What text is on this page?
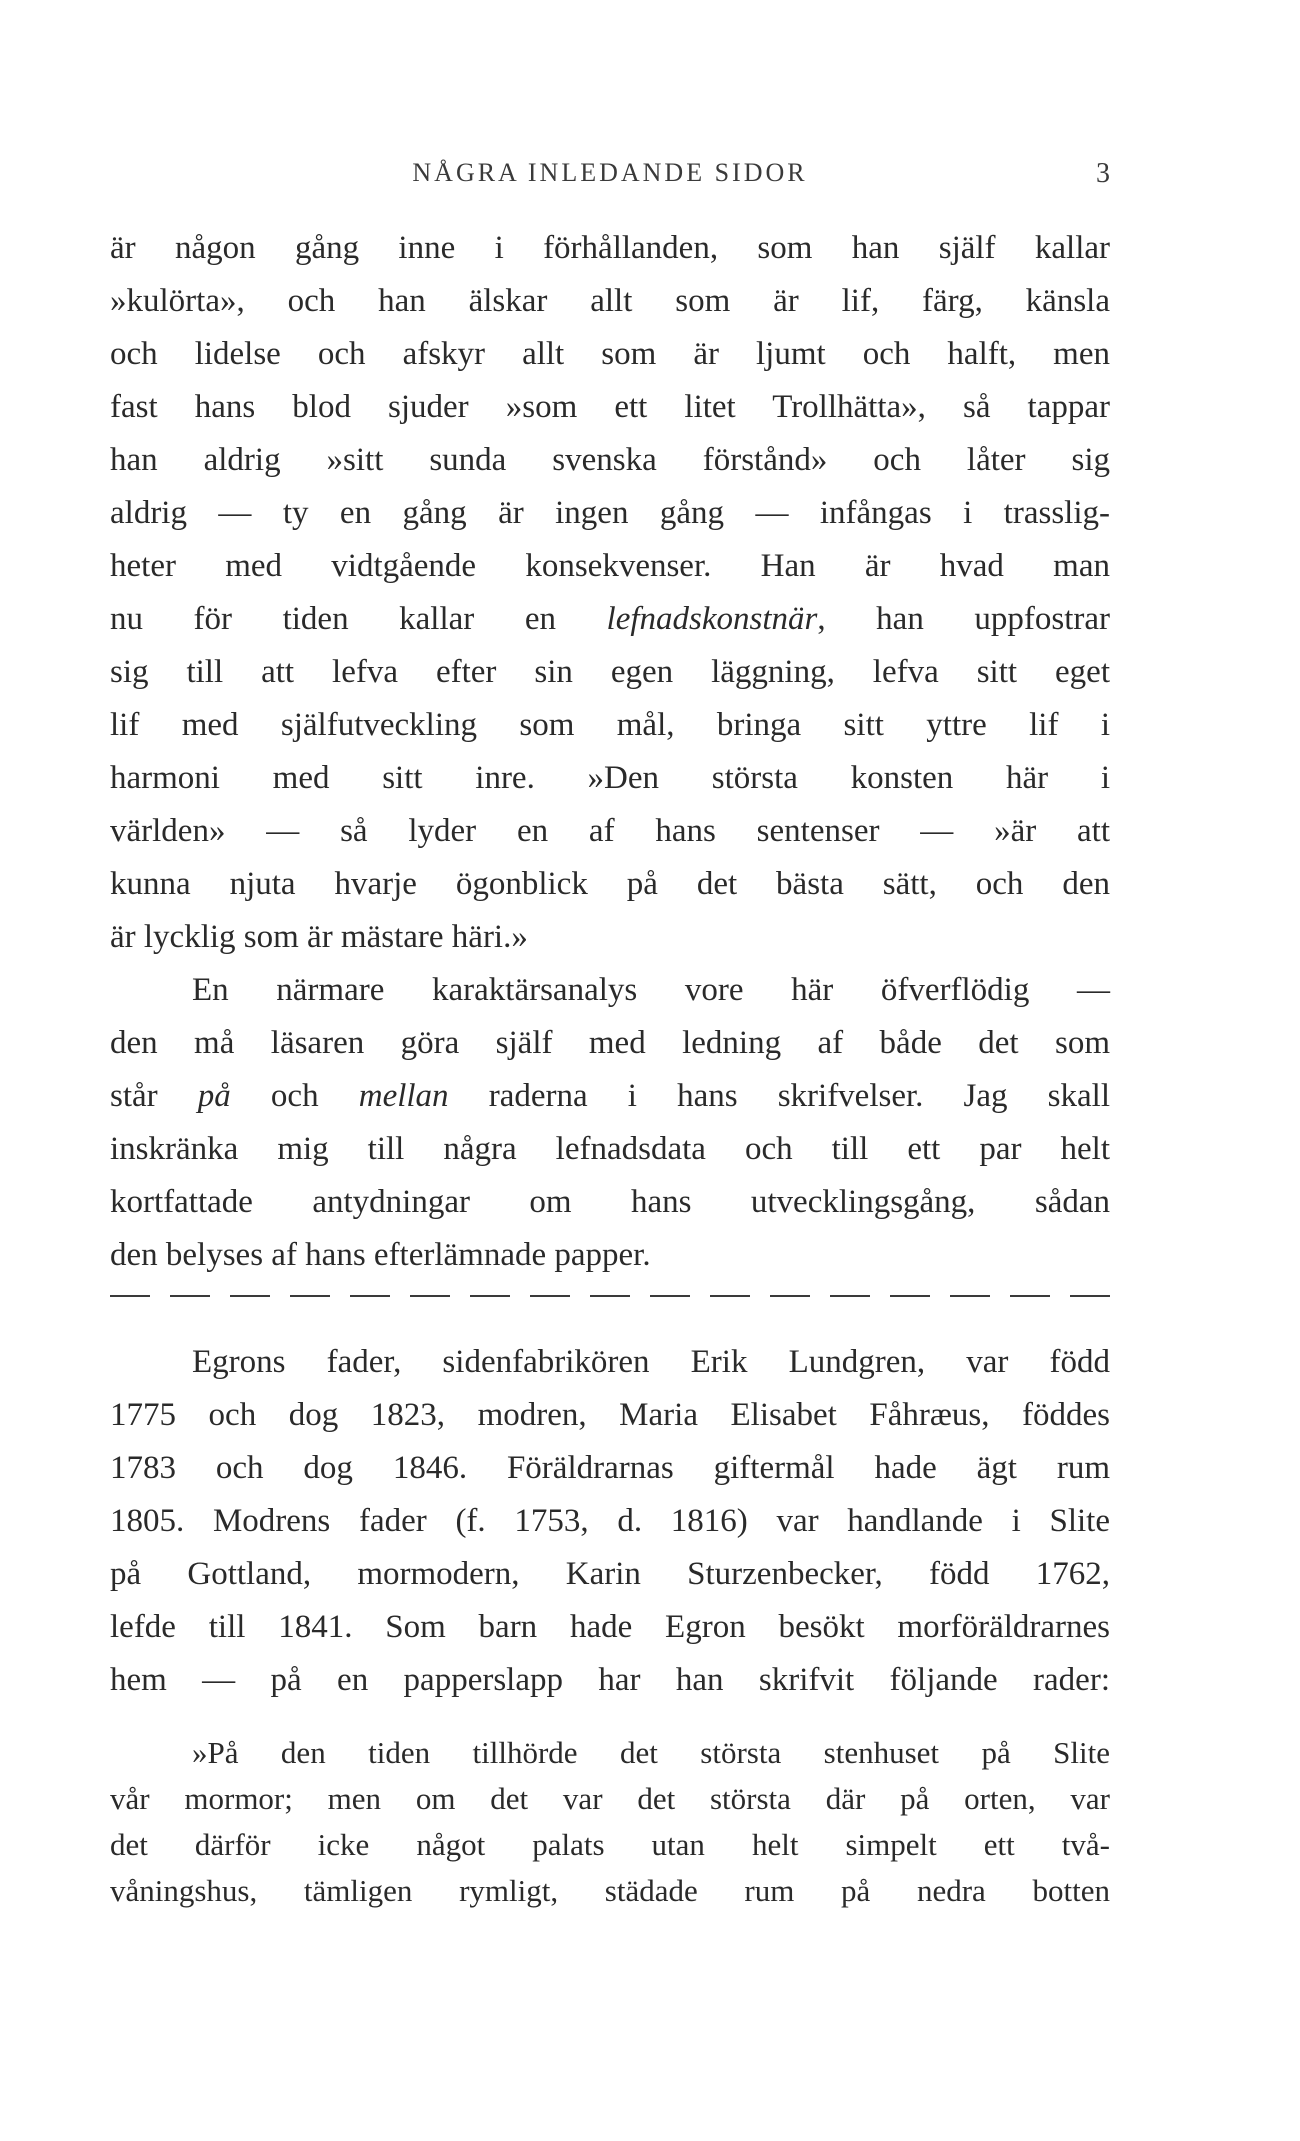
NÅGRA INLEDANDE SIDOR	3
är någon gång inne i förhållanden, som han själf kallar
»kulörta», och han älskar allt som är lif, färg, känsla
och lidelse och afskyr allt som är ljumt och halft, men
fast hans blod sjuder »som ett litet Trollhätta», så tappar
han aldrig »sitt sunda svenska förstånd» och låter sig
aldrig — ty en gång är ingen gång — infångas i trasslig-
heter med vidtgående konsekvenser. Han är hvad man
nu för tiden kallar en lefnadskonstnär, han uppfostrar
sig till att lefva efter sin egen läggning, lefva sitt eget
lif med själfutveckling som mål, bringa sitt yttre lif i
harmoni med sitt inre. »Den största konsten här i
världen» — så lyder en af hans sentenser — »är att
kunna njuta hvarje ögonblick på det bästa sätt, och den
är lycklig som är mästare häri.»
En närmare karaktärsanalys vore här öfverflödig —
den må läsaren göra själf med ledning af både det som
står på och mellan raderna i hans skrifvelser. Jag skall
inskränka mig till några lefnadsdata och till ett par helt
kortfattade antydningar om hans utvecklingsgång, sådan
den belyses af hans efterlämnade papper.
Egrons fader, sidenfabrikören Erik Lundgren, var född
1775 och dog 1823, modren, Maria Elisabet Fåhræus, föddes
1783 och dog 1846. Föräldrarnas giftermål hade ägt rum
1805. Modrens fader (f. 1753, d. 1816) var handlande i Slite
på Gottland, mormodern, Karin Sturzenbecker, född 1762,
lefde till 1841. Som barn hade Egron besökt morföräldrarnes
hem — på en papperslapp har han skrifvit följande rader:
»På den tiden tillhörde det största stenhuset på Slite
vår mormor; men om det var det största där på orten, var
det därför icke något palats utan helt simpelt ett två-
våningshus, tämligen rymligt, städade rum på nedra botten
